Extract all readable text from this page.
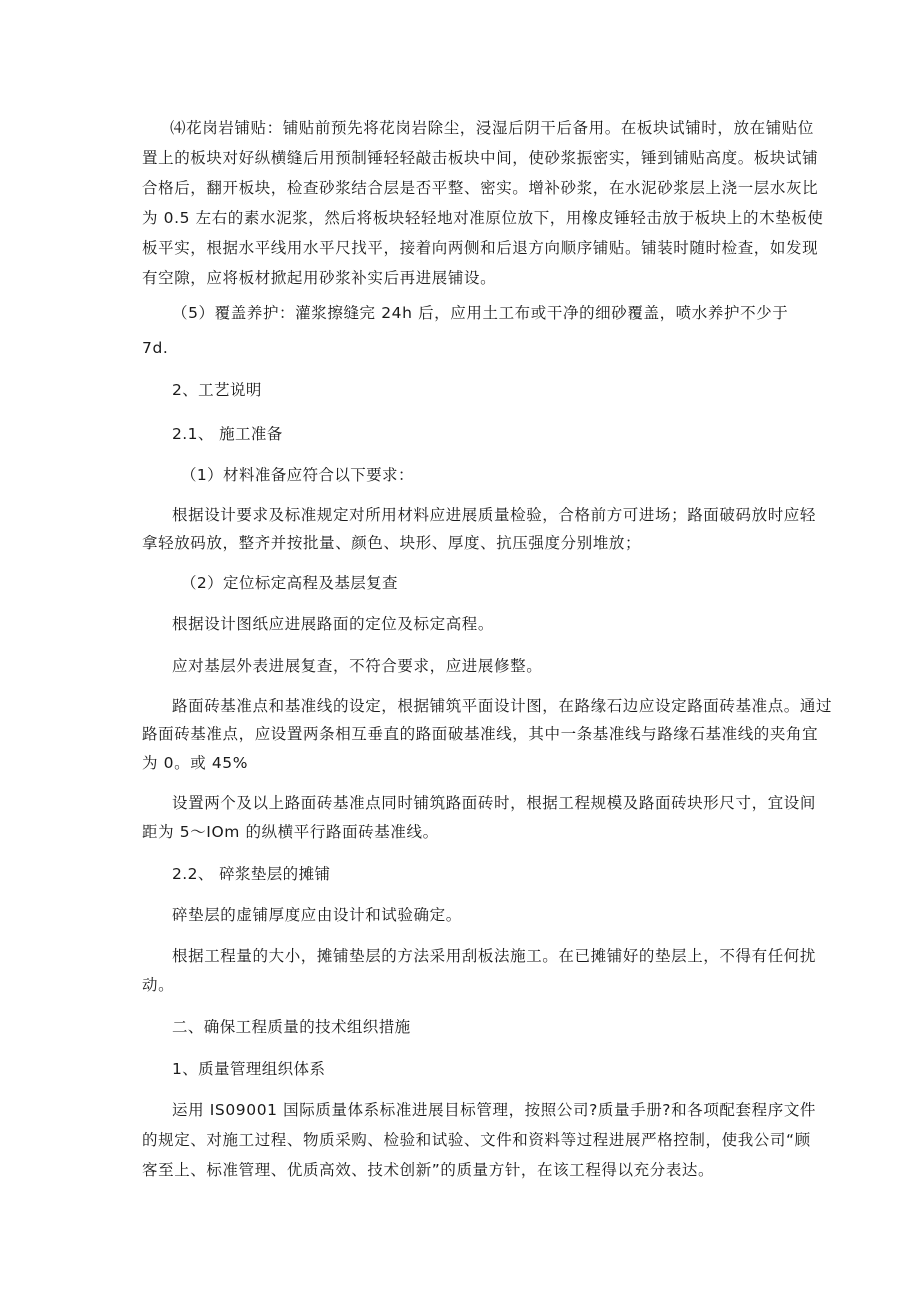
⑷花岗岩铺贴：铺贴前预先将花岗岩除尘，浸湿后阴干后备用。在板块试铺时，放在铺贴位
置上的板块对好纵横缝后用预制锤轻轻敲击板块中间，使砂浆振密实，锤到铺贴高度。板块试铺
合格后，翻开板块，检查砂浆结合层是否平整、密实。增补砂浆，在水泥砂浆层上浇一层水灰比
为 0.5 左右的素水泥浆，然后将板块轻轻地对准原位放下，用橡皮锤轻击放于板块上的木垫板使
板平实，根据水平线用水平尺找平，接着向两侧和后退方向顺序铺贴。铺装时随时检查，如发现
有空隙，应将板材掀起用砂浆补实后再进展铺设。
（5）覆盖养护：灌浆擦缝完 24h 后，应用土工布或干净的细砂覆盖，喷水养护不少于
7d.
2、工艺说明
2.1、 施工准备
（1）材料准备应符合以下要求：
根据设计要求及标准规定对所用材料应进展质量检验，合格前方可进场；路面破码放时应轻
拿轻放码放，整齐并按批量、颜色、块形、厚度、抗压强度分别堆放；
（2）定位标定高程及基层复查
根据设计图纸应进展路面的定位及标定高程。
应对基层外表进展复查，不符合要求，应进展修整。
路面砖基准点和基准线的设定，根据铺筑平面设计图，在路缘石边应设定路面砖基准点。通过
路面砖基准点，应设置两条相互垂直的路面破基准线，其中一条基准线与路缘石基准线的夹角宜
为 0。或 45%
设置两个及以上路面砖基准点同时铺筑路面砖时，根据工程规模及路面砖块形尺寸，宜设间
距为 5～IOm 的纵横平行路面砖基准线。
2.2、 碎浆垫层的摊铺
碎垫层的虚铺厚度应由设计和试验确定。
根据工程量的大小，摊铺垫层的方法采用刮板法施工。在已摊铺好的垫层上，不得有任何扰
动。
二、确保工程质量的技术组织措施
1、质量管理组织体系
运用 IS09001 国际质量体系标准进展目标管理，按照公司?质量手册?和各项配套程序文件
的规定、对施工过程、物质采购、检验和试验、文件和资料等过程进展严格控制，使我公司“顾
客至上、标准管理、优质高效、技术创新”的质量方针，在该工程得以充分表达。
